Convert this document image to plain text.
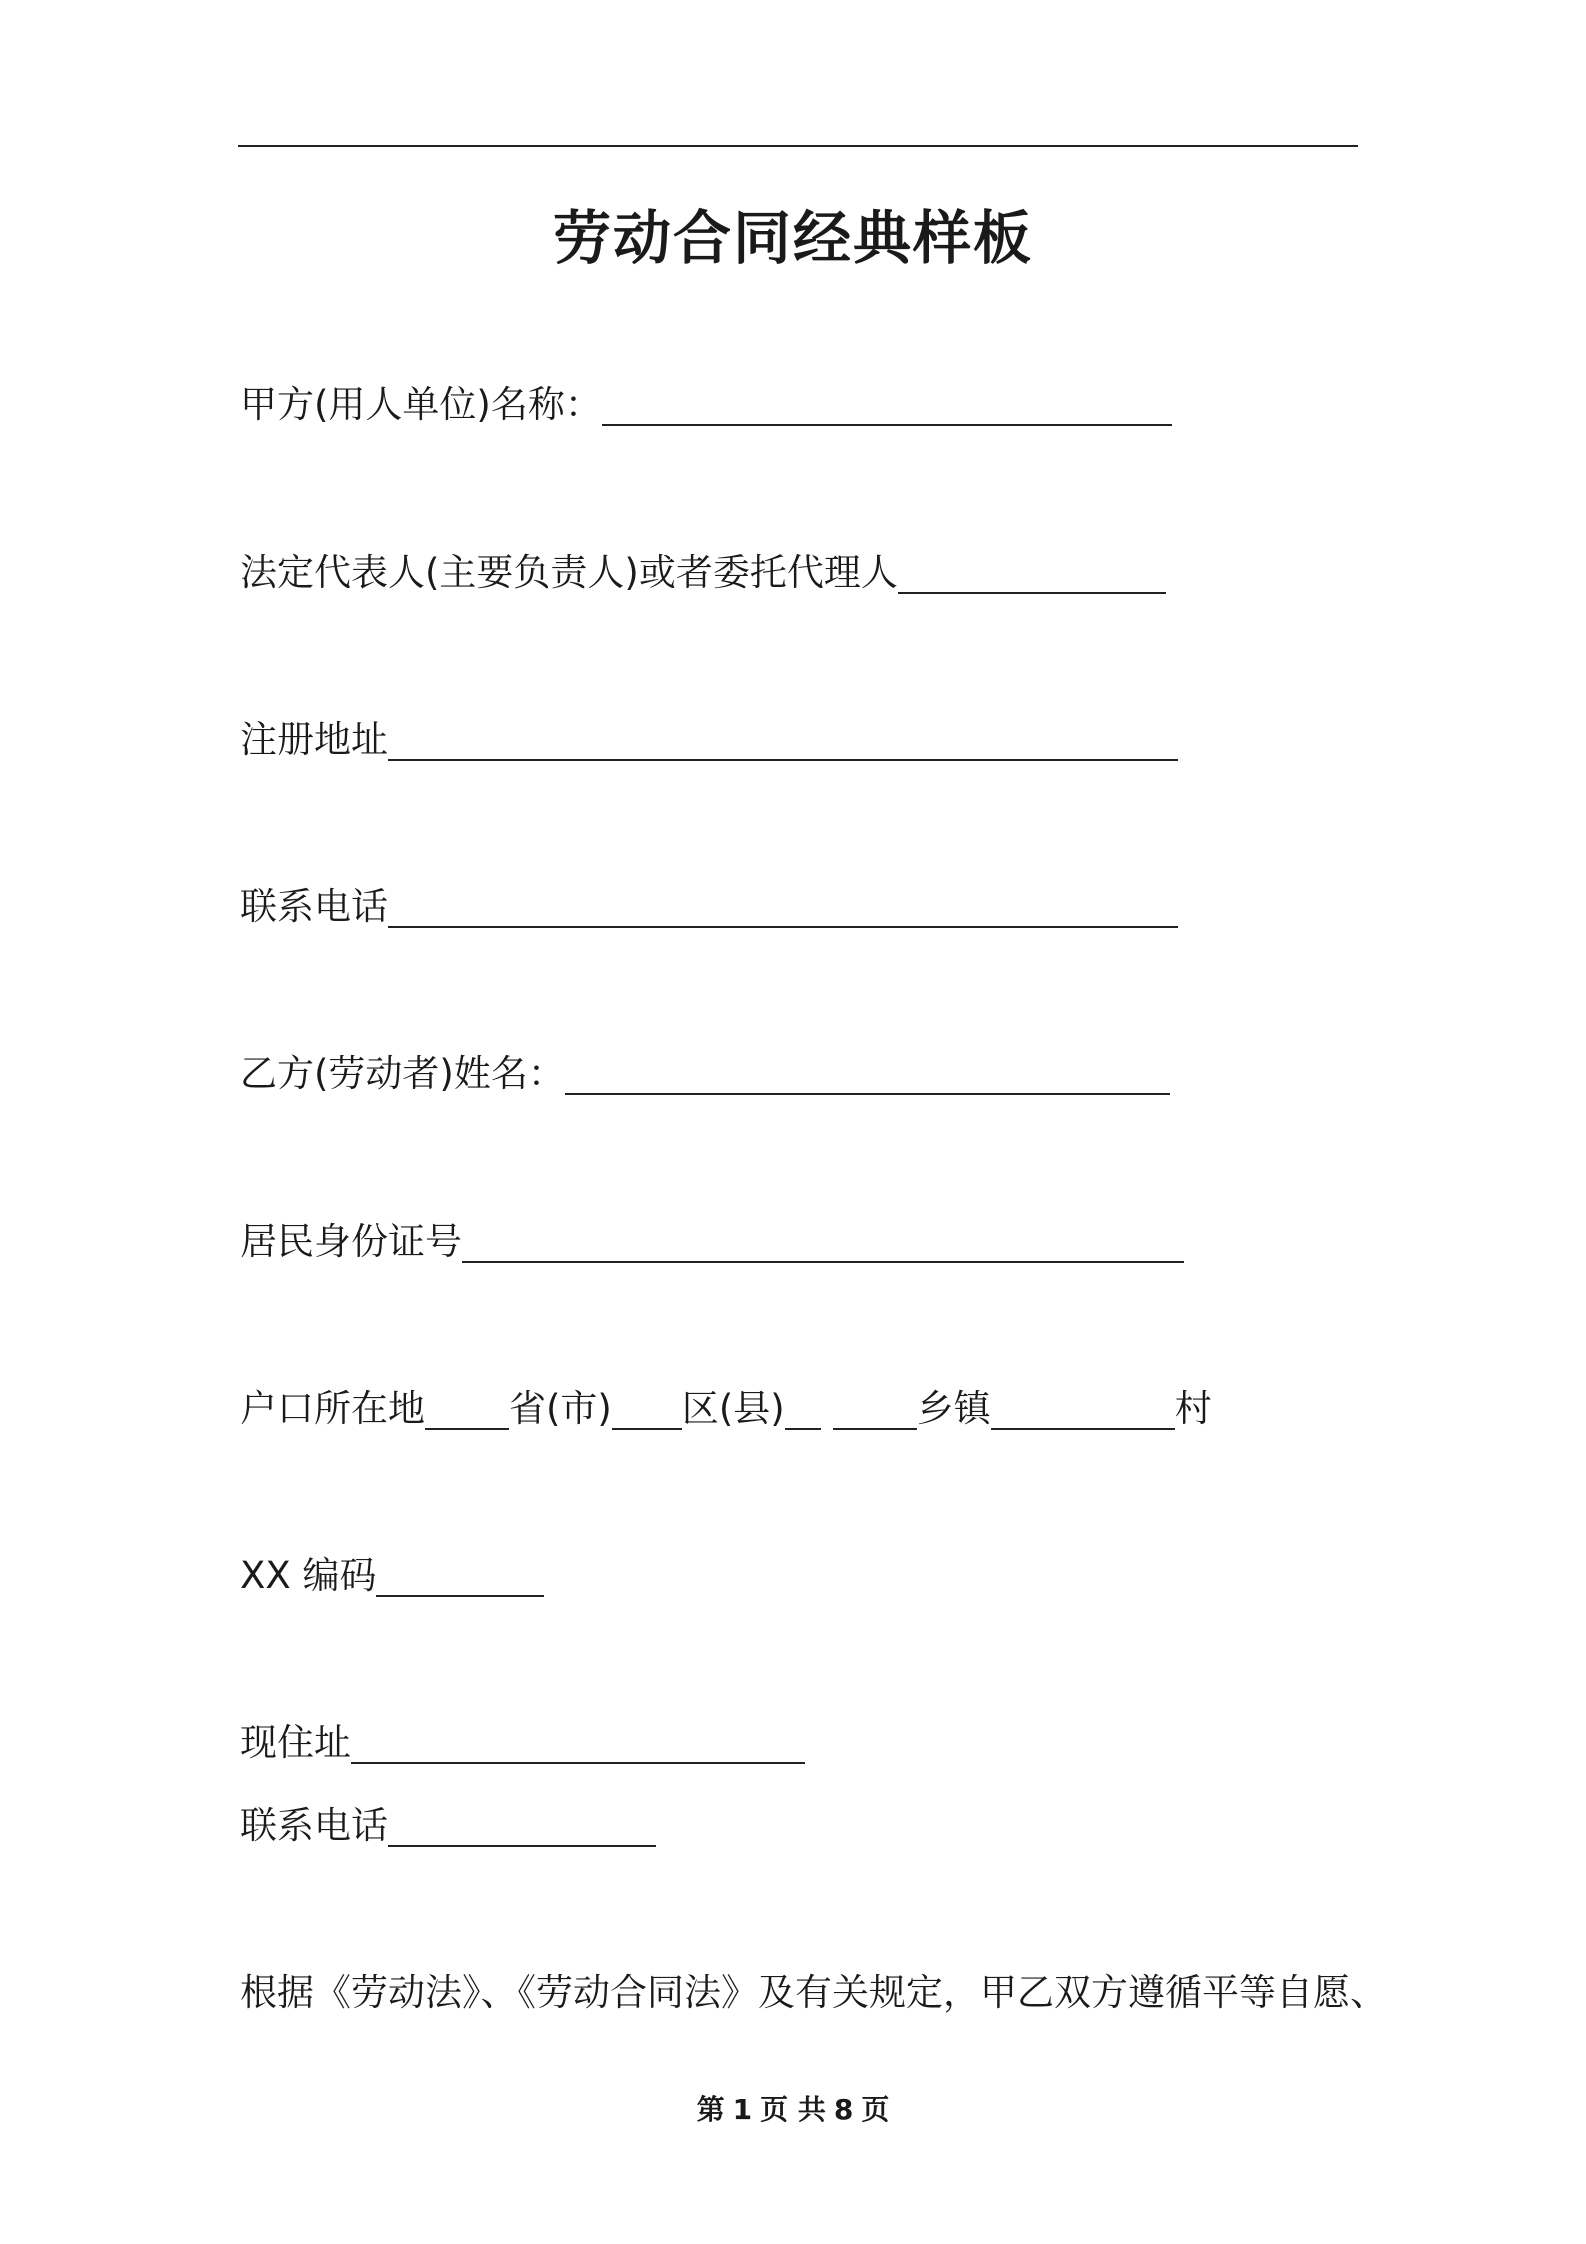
劳动合同经典样板
甲方(用人单位)名称：
法定代表人(主要负责人)或者委托代理人
注册地址
联系电话
乙方(劳动者)姓名：
居民身份证号
户口所在地 省(市) 区(县)	乡镇	村
XX 编码
现住址
联系电话
根据《劳动法》、《劳动合同法》及有关规定，甲乙双方遵循平等自愿、
第 1 页 共 8 页
